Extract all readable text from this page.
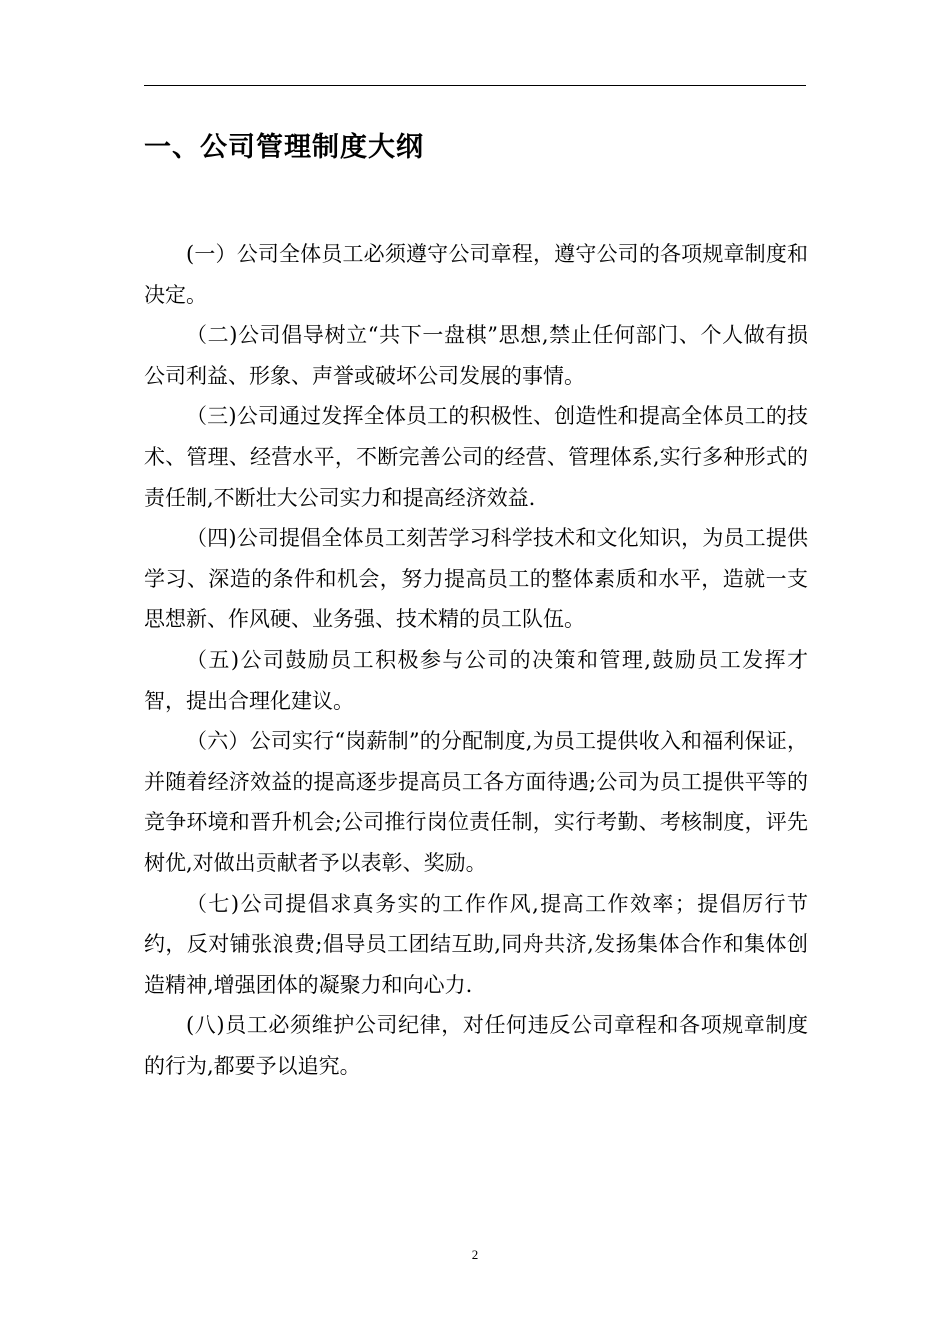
一、公司管理制度大纲

(一）公司全体员工必须遵守公司章程，遵守公司的各项规章制度和决定。

（二)公司倡导树立“共下一盘棋”思想,禁止任何部门、个人做有损公司利益、形象、声誉或破坏公司发展的事情。

（三)公司通过发挥全体员工的积极性、创造性和提高全体员工的技术、管理、经营水平，不断完善公司的经营、管理体系,实行多种形式的责任制,不断壮大公司实力和提高经济效益.

（四)公司提倡全体员工刻苦学习科学技术和文化知识，为员工提供学习、深造的条件和机会，努力提高员工的整体素质和水平，造就一支思想新、作风硬、业务强、技术精的员工队伍。

（五)公司鼓励员工积极参与公司的决策和管理,鼓励员工发挥才智，提出合理化建议。

（六）公司实行“岗薪制”的分配制度,为员工提供收入和福利保证，并随着经济效益的提高逐步提高员工各方面待遇;公司为员工提供平等的竞争环境和晋升机会;公司推行岗位责任制，实行考勤、考核制度，评先树优,对做出贡献者予以表彰、奖励。

（七)公司提倡求真务实的工作作风,提高工作效率；提倡厉行节约，反对铺张浪费;倡导员工团结互助,同舟共济,发扬集体合作和集体创造精神,增强团体的凝聚力和向心力.

(八)员工必须维护公司纪律，对任何违反公司章程和各项规章制度的行为,都要予以追究。

2
